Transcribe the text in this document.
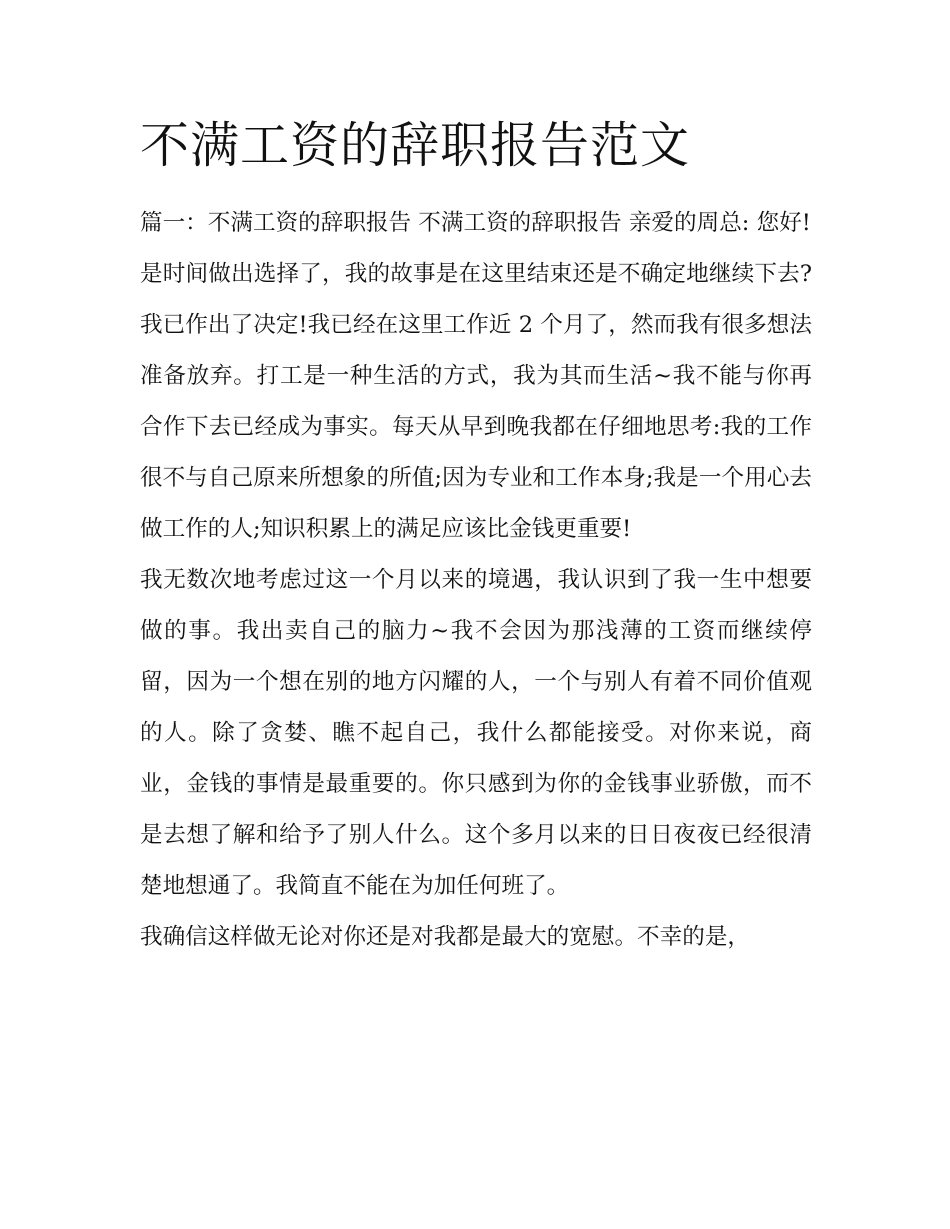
不满工资的辞职报告范文

篇一：不满工资的辞职报告 不满工资的辞职报告 亲爱的周总: 您好!

是时间做出选择了，我的故事是在这里结束还是不确定地继续下去?我已作出了决定!我已经在这里工作近 2 个月了，然而我有很多想法准备放弃。打工是一种生活的方式，我为其而生活~我不能与你再合作下去已经成为事实。每天从早到晚我都在仔细地思考:我的工作很不与自己原来所想象的所值;因为专业和工作本身;我是一个用心去做工作的人;知识积累上的满足应该比金钱更重要!

我无数次地考虑过这一个月以来的境遇，我认识到了我一生中想要做的事。我出卖自己的脑力~我不会因为那浅薄的工资而继续停留，因为一个想在别的地方闪耀的人，一个与别人有着不同价值观的人。除了贪婪、瞧不起自己，我什么都能接受。对你来说，商业，金钱的事情是最重要的。你只感到为你的金钱事业骄傲，而不是去想了解和给予了别人什么。这个多月以来的日日夜夜已经很清楚地想通了。我简直不能在为加任何班了。

我确信这样做无论对你还是对我都是最大的宽慰。不幸的是，
